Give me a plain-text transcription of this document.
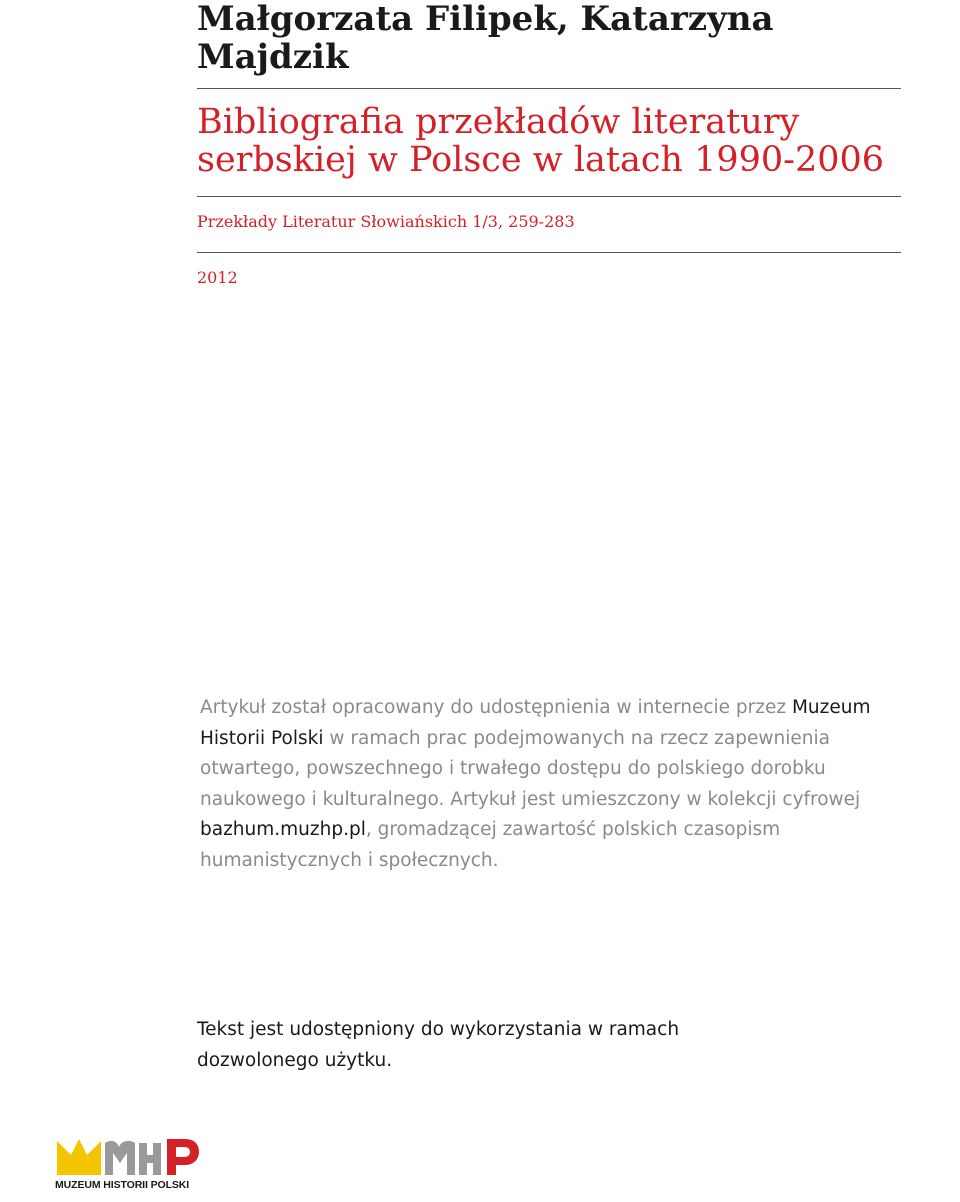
Małgorzata Filipek, Katarzyna Majdzik
Bibliografia przekładów literatury serbskiej w Polsce w latach 1990-2006
Przekłady Literatur Słowiańskich 1/3, 259-283
2012

Artykuł został opracowany do udostępnienia w internecie przez Muzeum Historii Polski w ramach prac podejmowanych na rzecz zapewnienia otwartego, powszechnego i trwałego dostępu do polskiego dorobku naukowego i kulturalnego. Artykuł jest umieszczony w kolekcji cyfrowej bazhum.muzhp.pl, gromadzącej zawartość polskich czasopism humanistycznych i społecznych.

Tekst jest udostępniony do wykorzystania w ramach dozwolonego użytku.

MUZEUM HISTORII POLSKI
